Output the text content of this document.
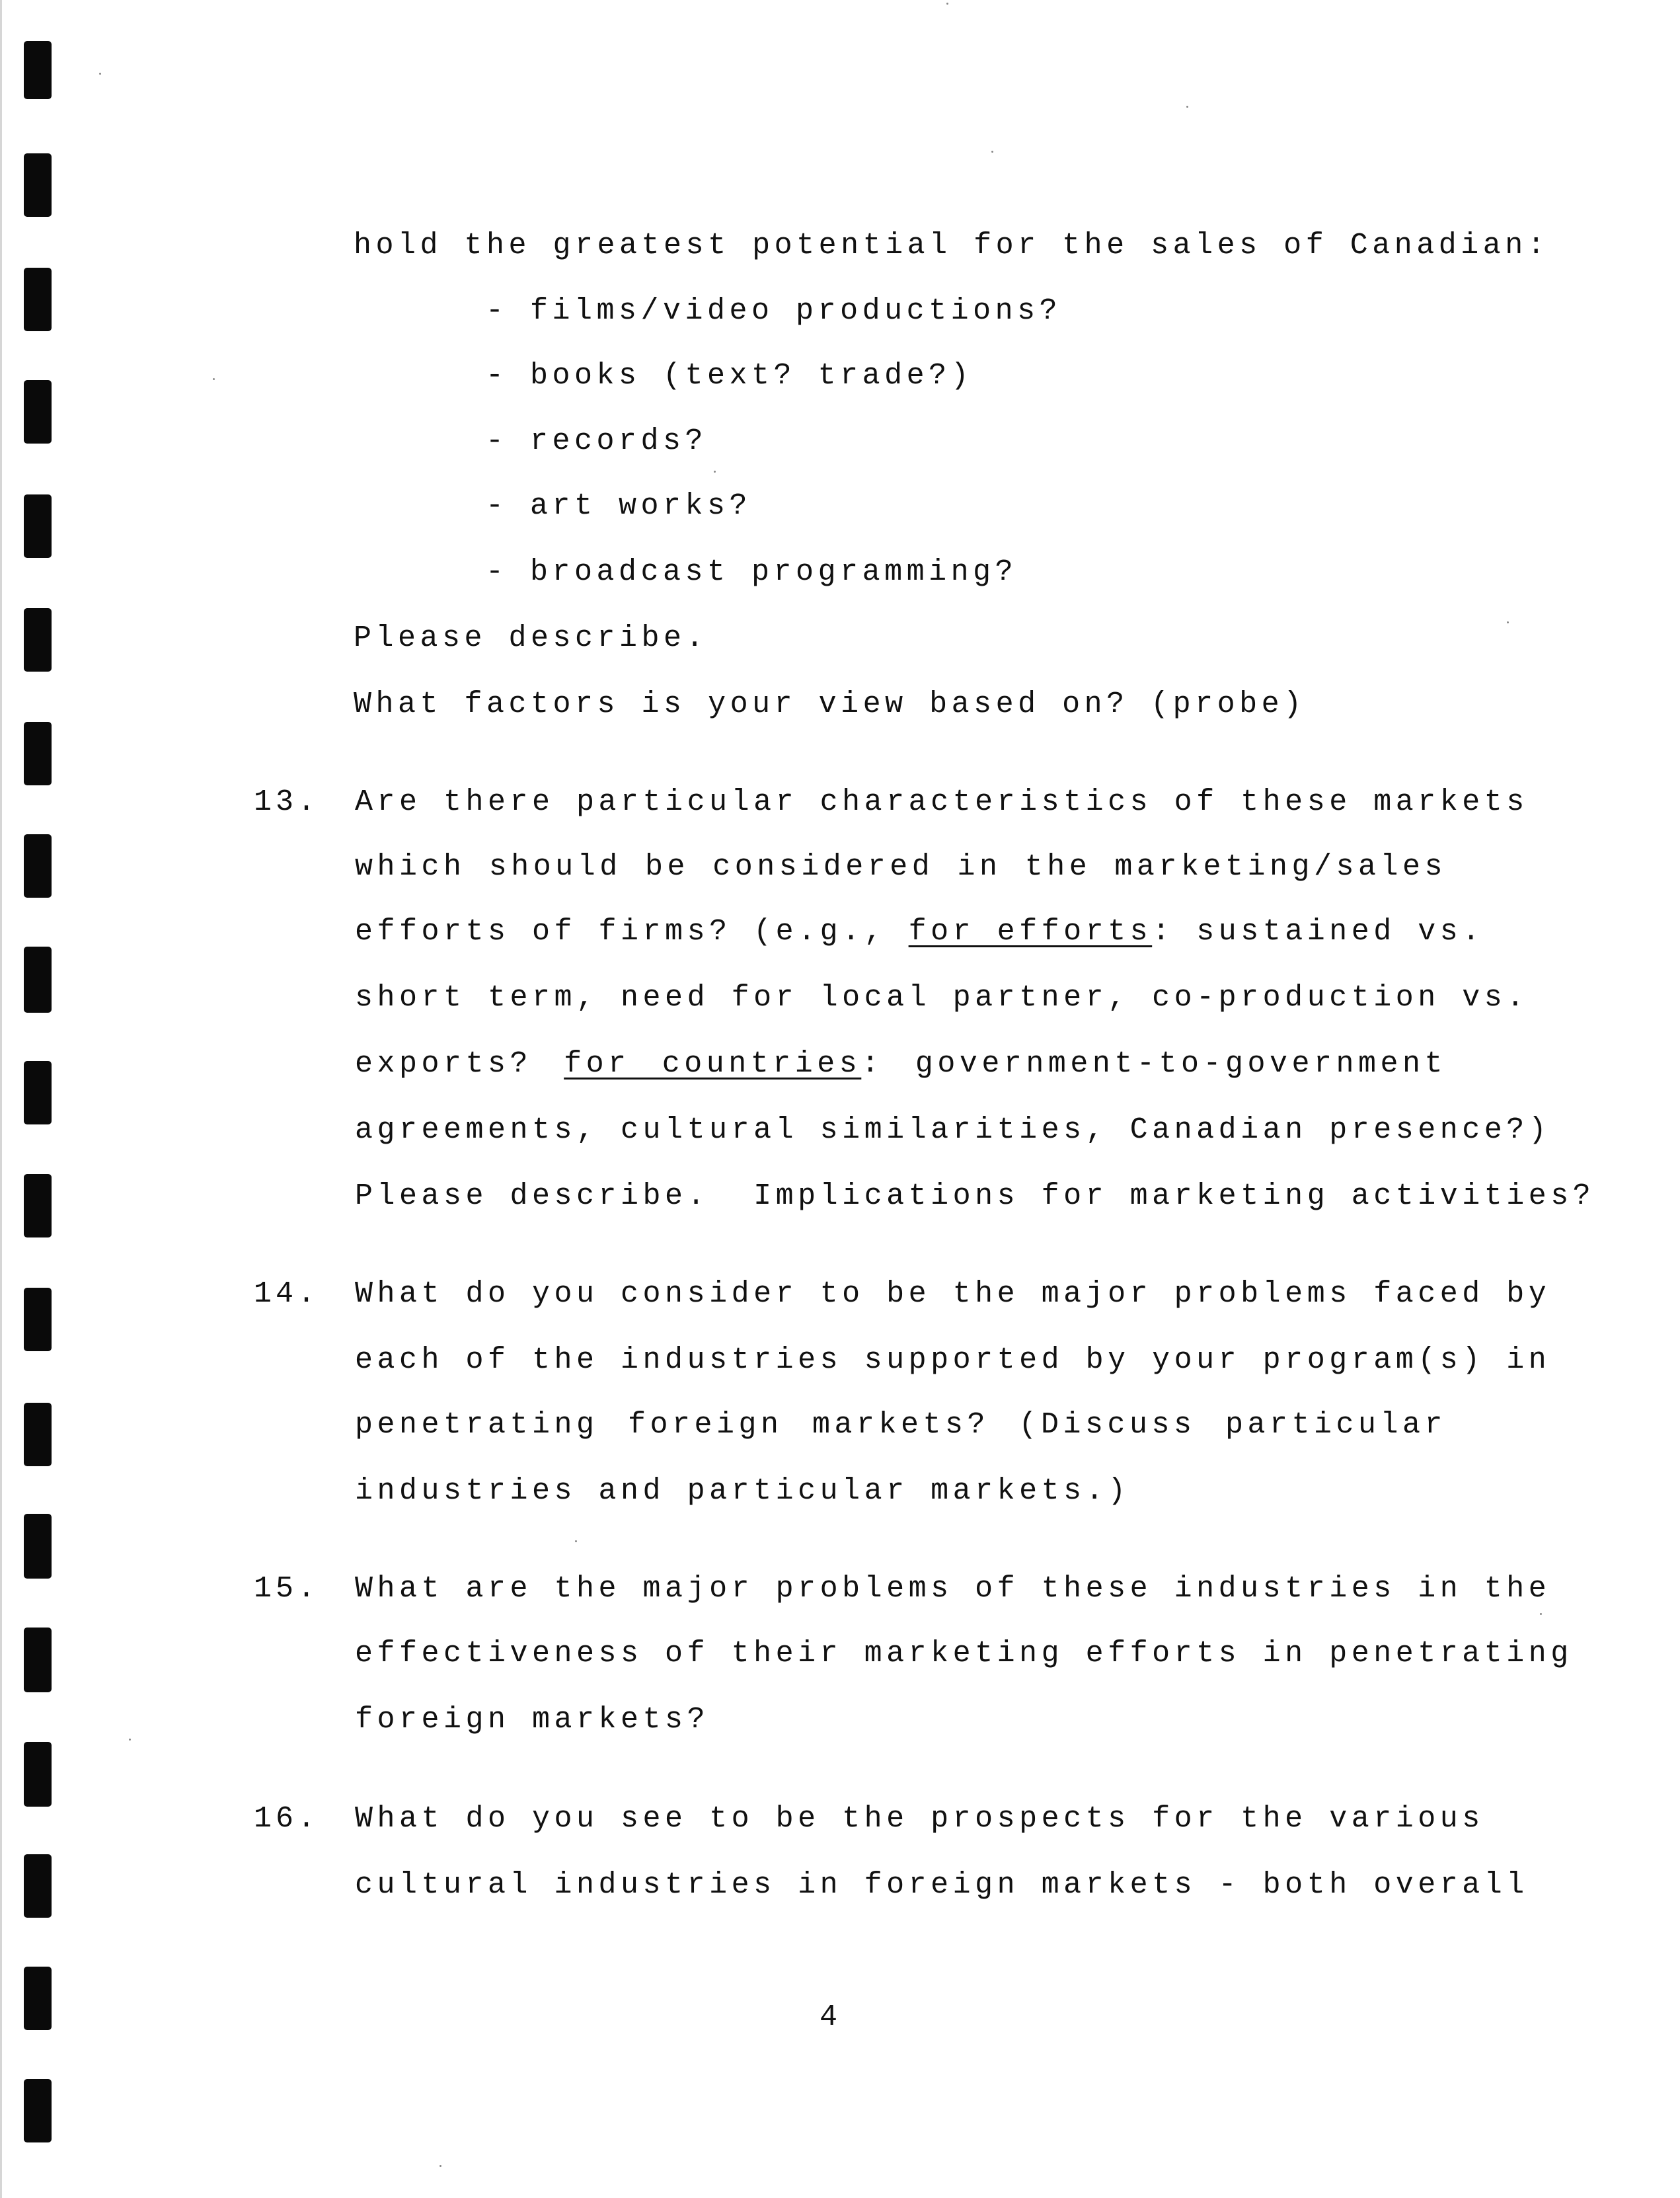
hold the greatest potential for the sales of Canadian:
- films/video productions?
- books (text? trade?)
- records?
- art works?
- broadcast programming?
Please describe.
What factors is your view based on? (probe)
13. Are there particular characteristics of these markets
which should be considered in the marketing/sales
efforts of firms? (e.g., for efforts: sustained vs.
short term, need for local partner, co-production vs.
exports? for countries: government-to-government
agreements, cultural similarities, Canadian presence?)
Please describe.  Implications for marketing activities?
14. What do you consider to be the major problems faced by
each of the industries supported by your program(s) in
penetrating foreign markets? (Discuss particular
industries and particular markets.)
15. What are the major problems of these industries in the
effectiveness of their marketing efforts in penetrating
foreign markets?
16. What do you see to be the prospects for the various
cultural industries in foreign markets - both overall
4
